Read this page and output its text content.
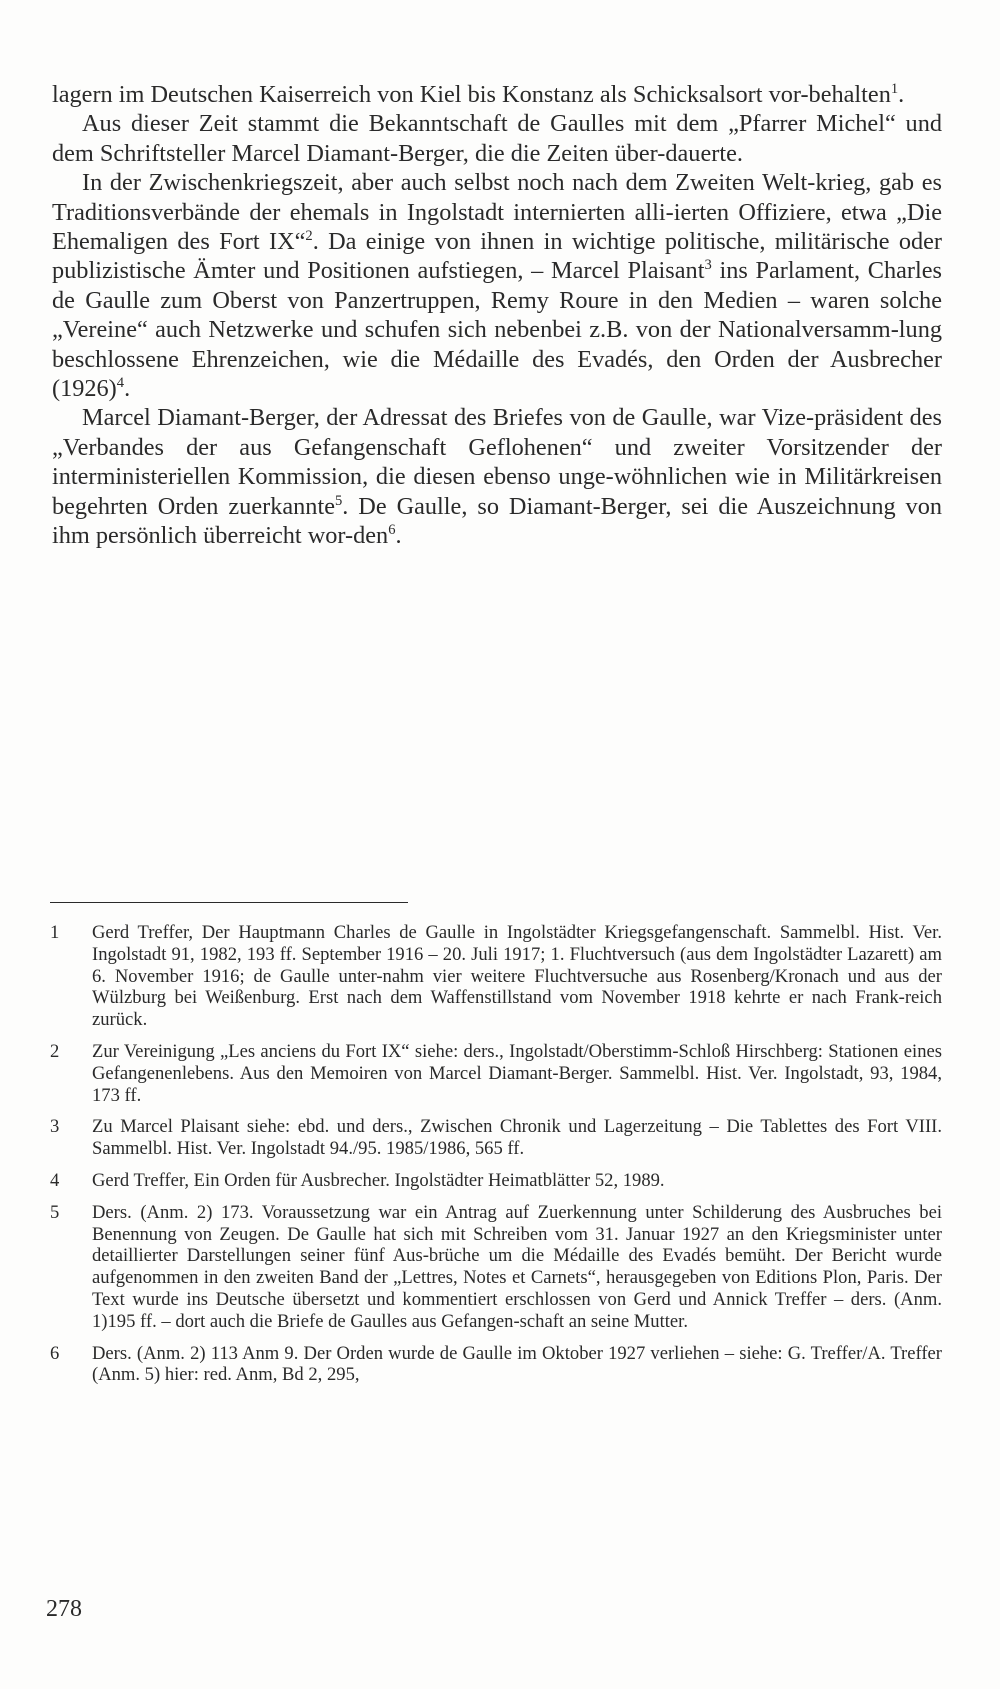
lagern im Deutschen Kaiserreich von Kiel bis Konstanz als Schicksalsort vor-behalten$^1$.

Aus dieser Zeit stammt die Bekanntschaft de Gaulles mit dem „Pfarrer Michel“ und dem Schriftsteller Marcel Diamant-Berger, die die Zeiten über-dauerte.

In der Zwischenkriegszeit, aber auch selbst noch nach dem Zweiten Welt-krieg, gab es Traditionsverbände der ehemals in Ingolstadt internierten alli-ierten Offiziere, etwa „Die Ehemaligen des Fort IX“$^2$. Da einige von ihnen in wichtige politische, militärische oder publizistische Ämter und Positionen aufstiegen, – Marcel Plaisant$^3$ ins Parlament, Charles de Gaulle zum Oberst von Panzertruppen, Remy Roure in den Medien – waren solche „Vereine“ auch Netzwerke und schufen sich nebenbei z.B. von der Nationalversamm-lung beschlossene Ehrenzeichen, wie die Médaille des Evadés, den Orden der Ausbrecher $(1926)^4$.

Marcel Diamant-Berger, der Adressat des Briefes von de Gaulle, war Vize-präsident des „Verbandes der aus Gefangenschaft Geflohenen“ und zweiter Vorsitzender der interministeriellen Kommission, die diesen ebenso unge-wöhnlichen wie in Militärkreisen begehrten Orden zuerkannte$^5$. De Gaulle, so Diamant-Berger, sei die Auszeichnung von ihm persönlich überreicht wor-den$^6$.

1	Gerd Treffer, Der Hauptmann Charles de Gaulle in Ingolstädter Kriegsgefangenschaft. Sammelbl. Hist. Ver. Ingolstadt 91, 1982, 193 ff. September 1916 – 20. Juli 1917; 1. Fluchtversuch (aus dem Ingolstädter Lazarett) am 6. November 1916; de Gaulle unter-nahm vier weitere Fluchtversuche aus Rosenberg/Kronach und aus der Wülzburg bei Weißenburg. Erst nach dem Waffenstillstand vom November 1918 kehrte er nach Frank-reich zurück.
2	Zur Vereinigung „Les anciens du Fort IX“ siehe: ders., Ingolstadt/Oberstimm-Schloß Hirschberg: Stationen eines Gefangenenlebens. Aus den Memoiren von Marcel Diamant-Berger. Sammelbl. Hist. Ver. Ingolstadt, 93, 1984, 173 ff.
3	Zu Marcel Plaisant siehe: ebd. und ders., Zwischen Chronik und Lagerzeitung – Die Tablettes des Fort VIII. Sammelbl. Hist. Ver. Ingolstadt 94./95. 1985/1986, 565 ff.
4	Gerd Treffer, Ein Orden für Ausbrecher. Ingolstädter Heimatblätter 52, 1989.
5	Ders. (Anm. 2) 173. Voraussetzung war ein Antrag auf Zuerkennung unter Schilderung des Ausbruches bei Benennung von Zeugen. De Gaulle hat sich mit Schreiben vom 31. Januar 1927 an den Kriegsminister unter detaillierter Darstellungen seiner fünf Aus-brüche um die Médaille des Evadés bemüht. Der Bericht wurde aufgenommen in den zweiten Band der „Lettres, Notes et Carnets“, herausgegeben von Editions Plon, Paris. Der Text wurde ins Deutsche übersetzt und kommentiert erschlossen von Gerd und Annick Treffer – ders. (Anm. 1)195 ff. – dort auch die Briefe de Gaulles aus Gefangen-schaft an seine Mutter.
6	Ders. (Anm. 2) 113 Anm 9. Der Orden wurde de Gaulle im Oktober 1927 verliehen – siehe: G. Treffer/A. Treffer (Anm. 5) hier: red. Anm, Bd 2, 295,
278
